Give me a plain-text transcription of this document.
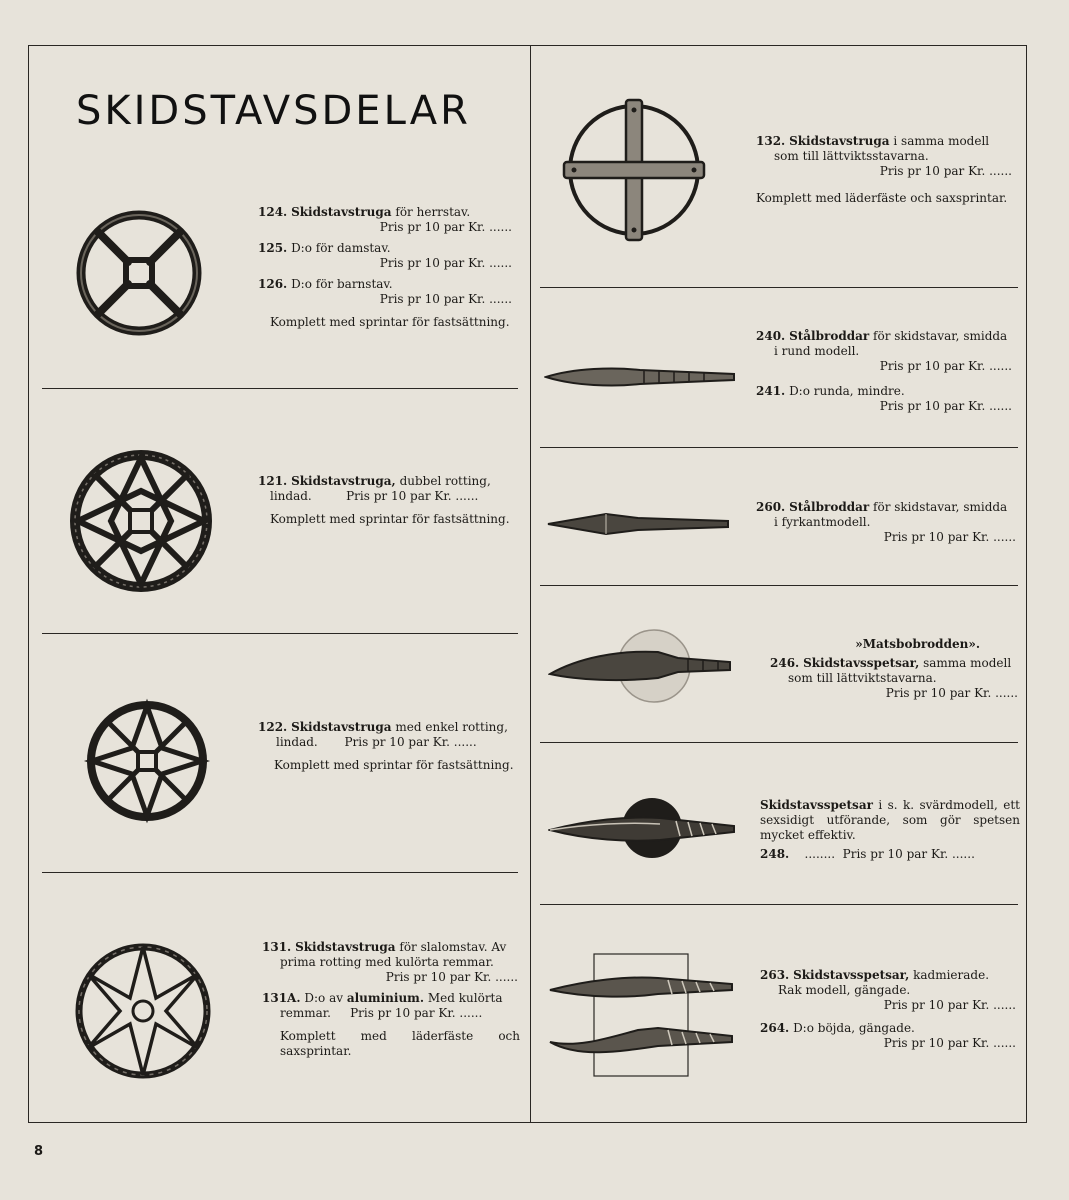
SKIDSTAVSDELAR
124. Skidstavstruga för herrstav.
Pris pr 10 par Kr. ......
125. D:o för damstav.
Pris pr 10 par Kr. ......
126. D:o för barnstav.
Pris pr 10 par Kr. ......

Komplett med sprintar för fastsättning.

121. Skidstavstruga, dubbel rotting,
lindad.	Pris pr 10 par Kr. ......

Komplett med sprintar för fastsättning.

122. Skidstavstruga med enkel rotting,
lindad. Pris pr 10 par Kr. ......

Komplett med sprintar för fastsättning.

131. Skidstavstruga för slalomstav. Av
prima rotting med kulörta remmar.
Pris pr 10 par Kr. ......
131A. D:o av aluminium. Med kulörta
remmar. Pris pr 10 par Kr. ......

Komplett med läderfäste och saxsprintar.

132. Skidstavstruga i samma modell
som till lättviktsstavarna.
Pris pr 10 par Kr. ......

Komplett med läderfäste och saxsprintar.

240. Stålbroddar för skidstavar, smidda
i rund modell.
Pris pr 10 par Kr. ......
241. D:o runda, mindre.
Pris pr 10 par Kr. ......
260. Stålbroddar för skidstavar, smidda
i fyrkantmodell.
Pris pr 10 par Kr. ......
»Matsbobrodden».
246. Skidstavsspetsar, samma modell
som till lättviktstavarna.
Pris pr 10 par Kr. ......

Skidstavsspetsar i s. k. svärdmodell, ett sexsidigt utförande, som gör spetsen mycket effektiv.

248. ........ Pris pr 10 par Kr. ......
263. Skidstavsspetsar, kadmierade.
Rak modell, gängade.
Pris pr 10 par Kr. ......
264. D:o böjda, gängade.
Pris pr 10 par Kr. ......
8
